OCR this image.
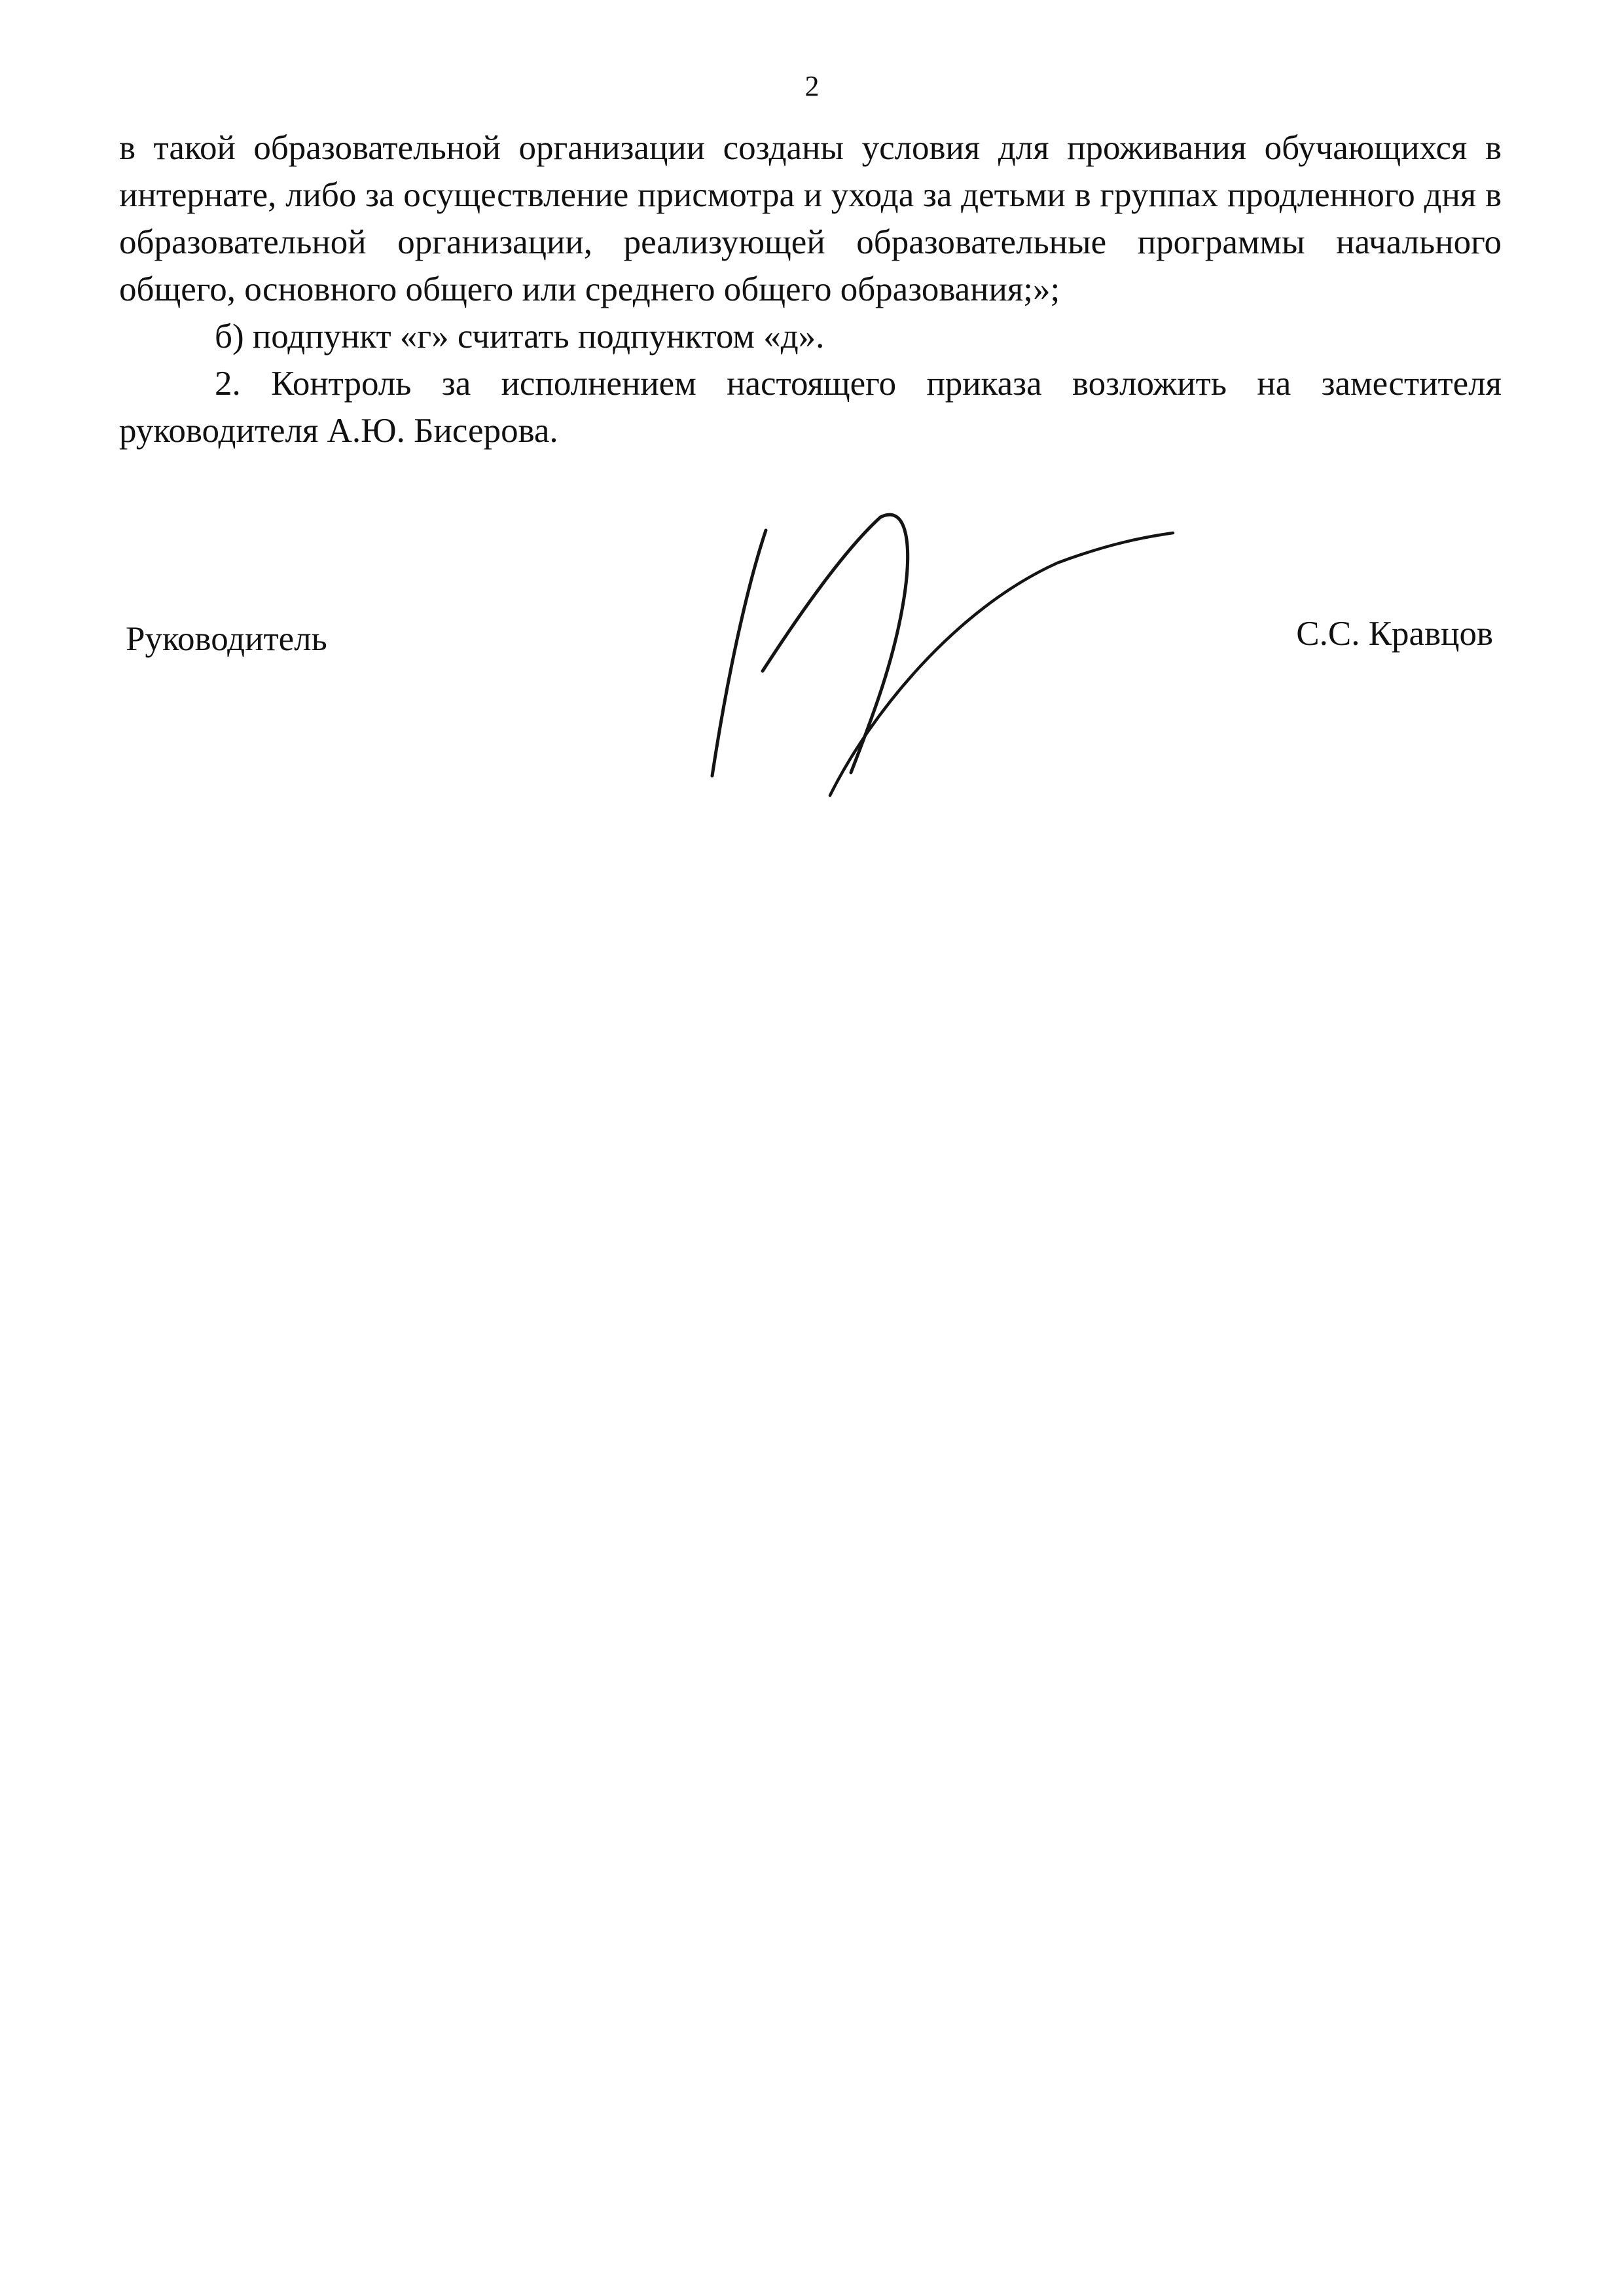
2

в такой образовательной организации созданы условия для проживания обучающихся в интернате, либо за осуществление присмотра и ухода за детьми в группах продленного дня в образовательной организации, реализующей образовательные программы начального общего, основного общего или среднего общего образования;»;

б) подпункт «г» считать подпунктом «д».

2. Контроль за исполнением настоящего приказа возложить на заместителя руководителя А.Ю. Бисерова.

Руководитель	С.С. Кравцов
